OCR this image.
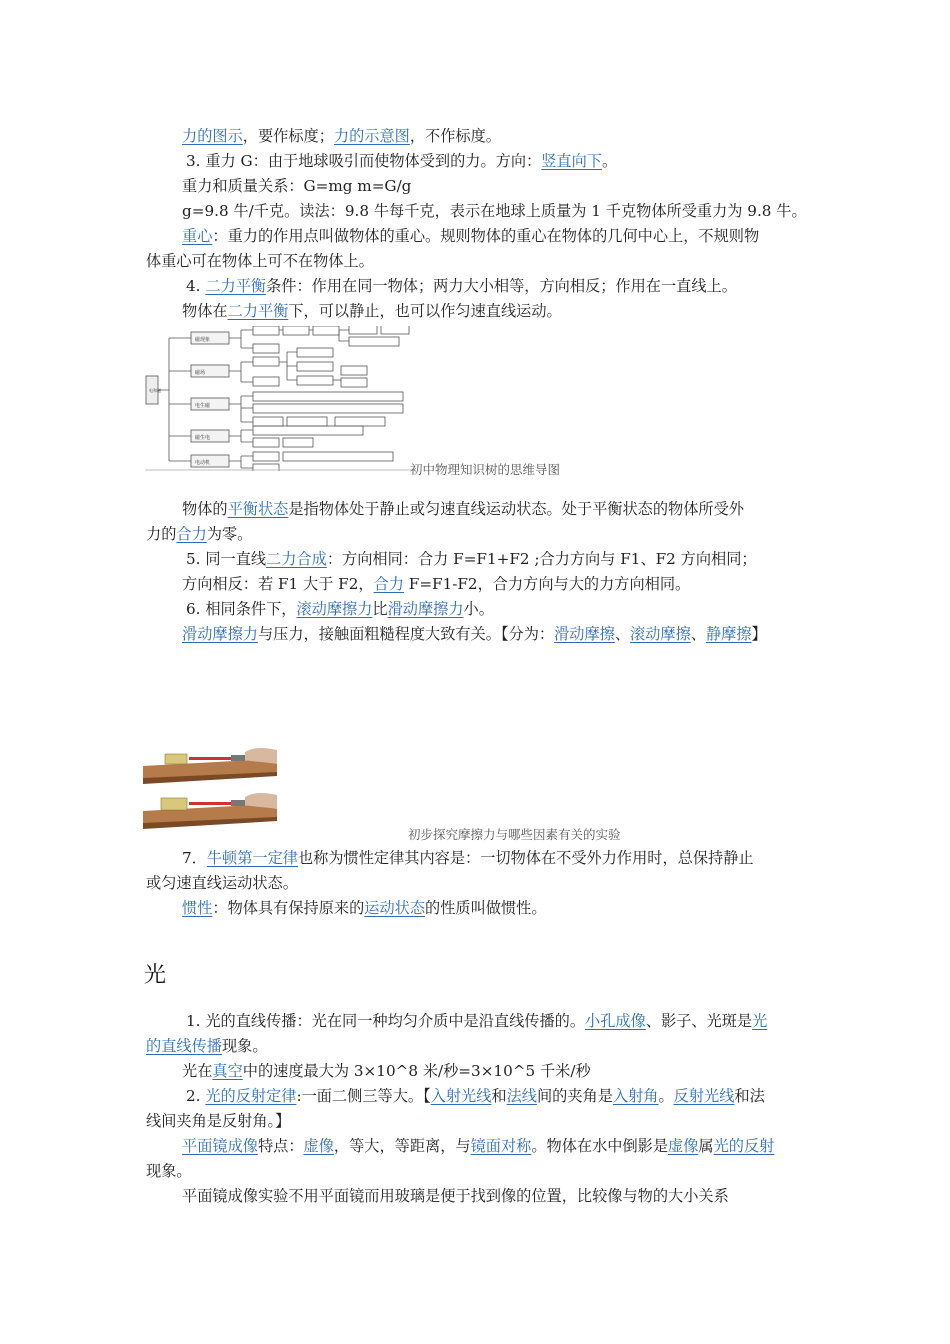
力的图示，要作标度；力的示意图，不作标度。
3. 重力 G：由于地球吸引而使物体受到的力。方向：竖直向下。
重力和质量关系：G=mg m=G/g
g=9.8 牛/千克。读法：9.8 牛每千克，表示在地球上质量为 1 千克物体所受重力为 9.8 牛。
重心：重力的作用点叫做物体的重心。规则物体的重心在物体的几何中心上，不规则物
体重心可在物体上可不在物体上。
4. 二力平衡条件：作用在同一物体；两力大小相等，方向相反；作用在一直线上。
物体在二力平衡下，可以静止，也可以作匀速直线运动。
电和磁
磁现象
磁场
电生磁
磁生电
电动机	初中物理知识树的思维导图
物体的平衡状态是指物体处于静止或匀速直线运动状态。处于平衡状态的物体所受外
力的合力为零。
5. 同一直线二力合成：方向相同：合力 F=F1+F2 ;合力方向与 F1、F2 方向相同；
方向相反：若 F1 大于 F2，合力 F=F1-F2，合力方向与大的力方向相同。
6. 相同条件下，滚动摩擦力比滑动摩擦力小。
滑动摩擦力与压力，接触面粗糙程度大致有关。【分为：滑动摩擦、滚动摩擦、静摩擦】
初步探究摩擦力与哪些因素有关的实验
7．牛顿第一定律也称为惯性定律其内容是：一切物体在不受外力作用时，总保持静止
或匀速直线运动状态。
惯性：物体具有保持原来的运动状态的性质叫做惯性。
光
1. 光的直线传播：光在同一种均匀介质中是沿直线传播的。小孔成像、影子、光斑是光
的直线传播现象。
光在真空中的速度最大为 3×10^8 米/秒=3×10^5 千米/秒
2. 光的反射定律:一面二侧三等大。【入射光线和法线间的夹角是入射角。反射光线和法
线间夹角是反射角。】
平面镜成像特点：虚像，等大，等距离，与镜面对称。物体在水中倒影是虚像属光的反射
现象。
平面镜成像实验不用平面镜而用玻璃是便于找到像的位置，比较像与物的大小关系
